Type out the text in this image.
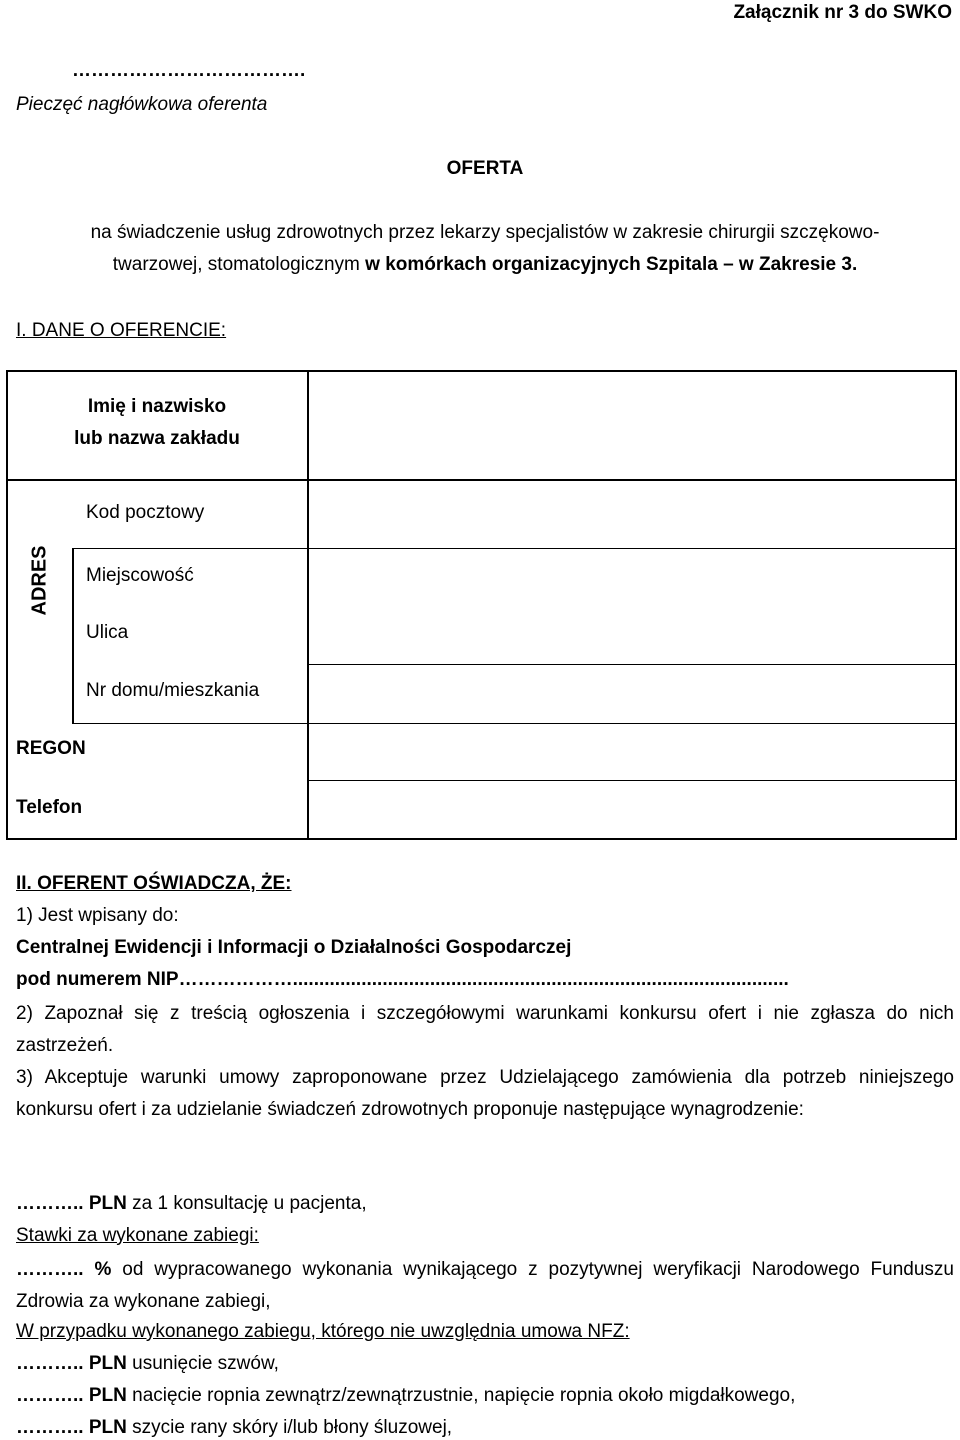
Załącznik nr 3 do SWKO
……………………………….
Pieczęć nagłówkowa oferenta
OFERTA
na świadczenie usług zdrowotnych przez lekarzy specjalistów w zakresie chirurgii szczękowo-
twarzowej, stomatologicznym w komórkach organizacyjnych Szpitala – w Zakresie 3.
I. DANE O OFERENCIE:
Imię i nazwisko
lub nazwa zakładu
Kod pocztowy
Miejscowość
Ulica
Nr domu/mieszkania
REGON
Telefon
ADRES
II. OFERENT OŚWIADCZA, ŻE:
1) Jest wpisany do:
Centralnej Ewidencji i Informacji o Działalności Gospodarczej
pod numerem NIP………………..............................................................................................
2) Zapoznał się z treścią ogłoszenia i szczegółowymi warunkami konkursu ofert i nie zgłasza do nich zastrzeżeń.
3) Akceptuje warunki umowy zaproponowane przez Udzielającego zamówienia dla potrzeb niniejszego konkursu ofert i za udzielanie świadczeń zdrowotnych proponuje następujące wynagrodzenie:
……….. PLN za 1 konsultację u pacjenta,
Stawki za wykonane zabiegi:
……….. % od wypracowanego wykonania wynikającego z pozytywnej weryfikacji Narodowego Funduszu Zdrowia za wykonane zabiegi,
W przypadku wykonanego zabiegu, którego nie uwzględnia umowa NFZ:
……….. PLN usunięcie szwów,
……….. PLN nacięcie ropnia zewnątrz/zewnątrzustnie, napięcie ropnia około migdałkowego,
……….. PLN szycie rany skóry i/lub błony śluzowej,
